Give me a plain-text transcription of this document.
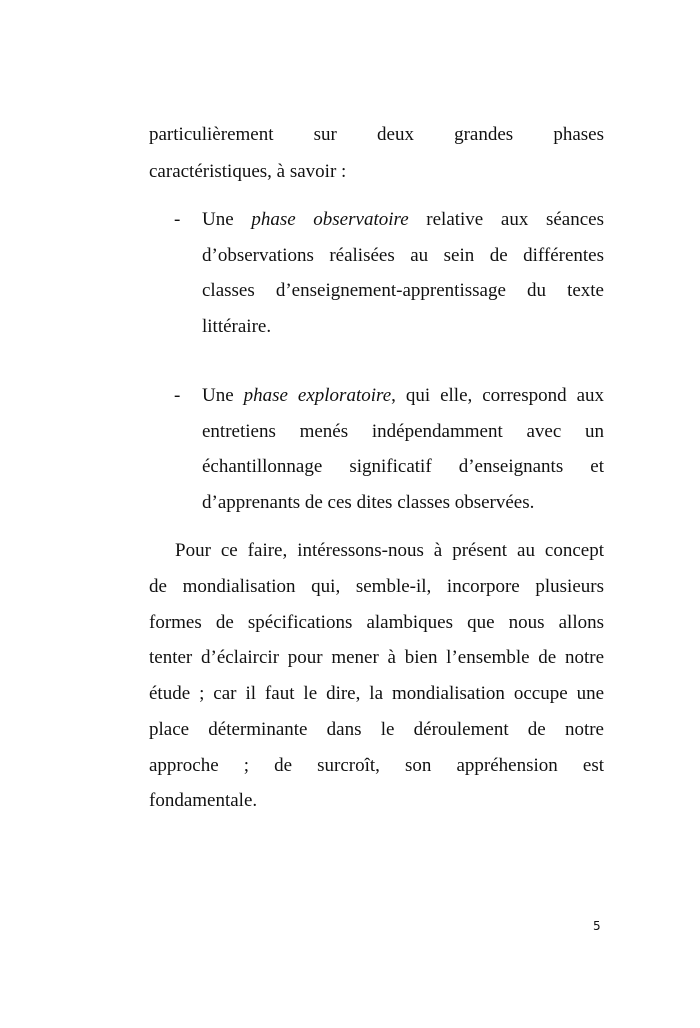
particulièrement sur deux grandes phases
caractéristiques, à savoir :
- Une phase observatoire relative aux séances
d’observations réalisées au sein de différentes
classes d’enseignement-apprentissage du texte
littéraire.
- Une phase exploratoire, qui elle, correspond aux
entretiens menés indépendamment avec un
échantillonnage significatif d’enseignants et
d’apprenants de ces dites classes observées.
Pour ce faire, intéressons-nous à présent au concept
de mondialisation qui, semble-il, incorpore plusieurs
formes de spécifications alambiques que nous allons
tenter d’éclaircir pour mener à bien l’ensemble de notre
étude ; car il faut le dire, la mondialisation occupe une
place déterminante dans le déroulement de notre
approche ; de surcroît, son appréhension est
fondamentale.
5
